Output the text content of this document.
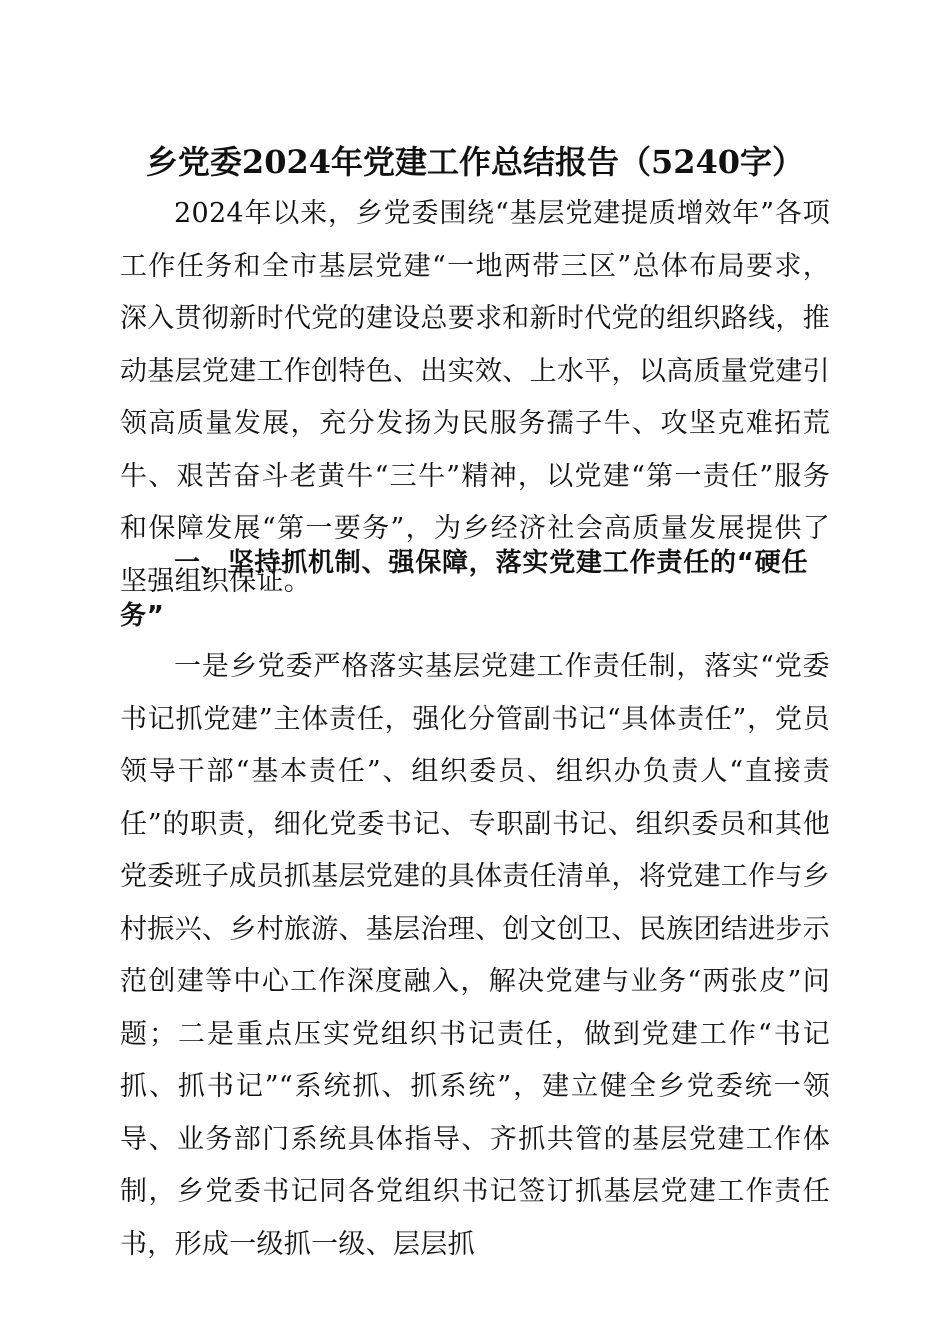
乡党委2024年党建工作总结报告（5240字）

2024年以来，乡党委围绕“基层党建提质增效年”各项工作任务和全市基层党建“一地两带三区”总体布局要求，深入贯彻新时代党的建设总要求和新时代党的组织路线，推动基层党建工作创特色、出实效、上水平，以高质量党建引领高质量发展，充分发扬为民服务孺子牛、攻坚克难拓荒牛、艰苦奋斗老黄牛“三牛”精神，以党建“第一责任”服务和保障发展“第一要务”，为乡经济社会高质量发展提供了坚强组织保证。

一、坚持抓机制、强保障，落实党建工作责任的“硬任务”

一是乡党委严格落实基层党建工作责任制，落实“党委书记抓党建”主体责任，强化分管副书记“具体责任”，党员领导干部“基本责任”、组织委员、组织办负责人“直接责任”的职责，细化党委书记、专职副书记、组织委员和其他党委班子成员抓基层党建的具体责任清单，将党建工作与乡村振兴、乡村旅游、基层治理、创文创卫、民族团结进步示范创建等中心工作深度融入，解决党建与业务“两张皮”问题；二是重点压实党组织书记责任，做到党建工作“书记抓、抓书记”“系统抓、抓系统”，建立健全乡党委统一领导、业务部门系统具体指导、齐抓共管的基层党建工作体制，乡党委书记同各党组织书记签订抓基层党建工作责任书，形成一级抓一级、层层抓
